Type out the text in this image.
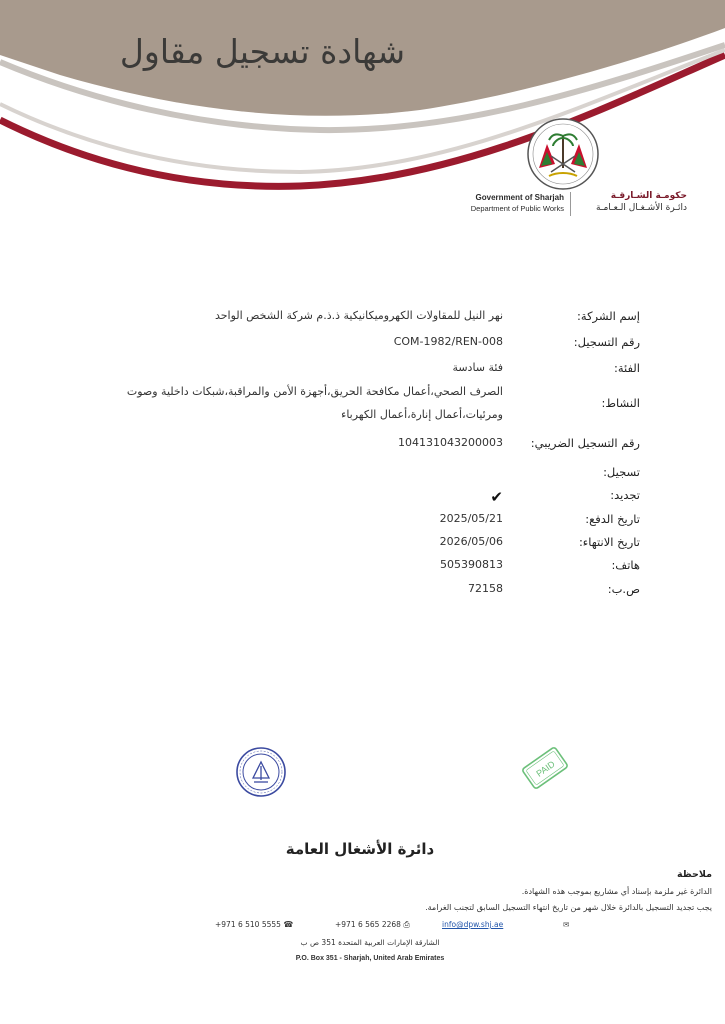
شهادة تسجيل مقاول
Government of Sharjah
Department of Public Works
حكومـة الشـارقـة
دائـرة الأشـغـال الـعـامـة
إسم الشركة:
نهر النيل للمقاولات الكهروميكانيكية ذ.ذ.م شركة الشخص الواحد
رقم التسجيل:
COM-1982/REN-008
الفئة:
فئة سادسة
النشاط:
الصرف الصحي،أعمال مكافحة الحريق،أجهزة الأمن والمراقبة،شبكات داخلية وصوت ومرئيات،أعمال إنارة،أعمال الكهرباء
رقم التسجيل الضريبي:
104131043200003
تسجيل:
تجديد:
✔
تاريخ الدفع:
2025/05/21
تاريخ الانتهاء:
2026/05/06
هاتف:
505390813
ص.ب:
72158
PAID
دائرة الأشغال العامة
ملاحظة
الدائرة غير ملزمة بإسناد أي مشاريع بموجب هذه الشهادة.
يجب تجديد التسجيل بالدائرة خلال شهر من تاريخ انتهاء التسجيل السابق لتجنب الغرامة.
+971 6 510 5555 ☎	+971 6 565 2268 ⎙	info@dpw.shj.ae	✉
الشارقة الإمارات العربية المتحدة 351 ص ب
P.O. Box 351 - Sharjah, United Arab Emirates
